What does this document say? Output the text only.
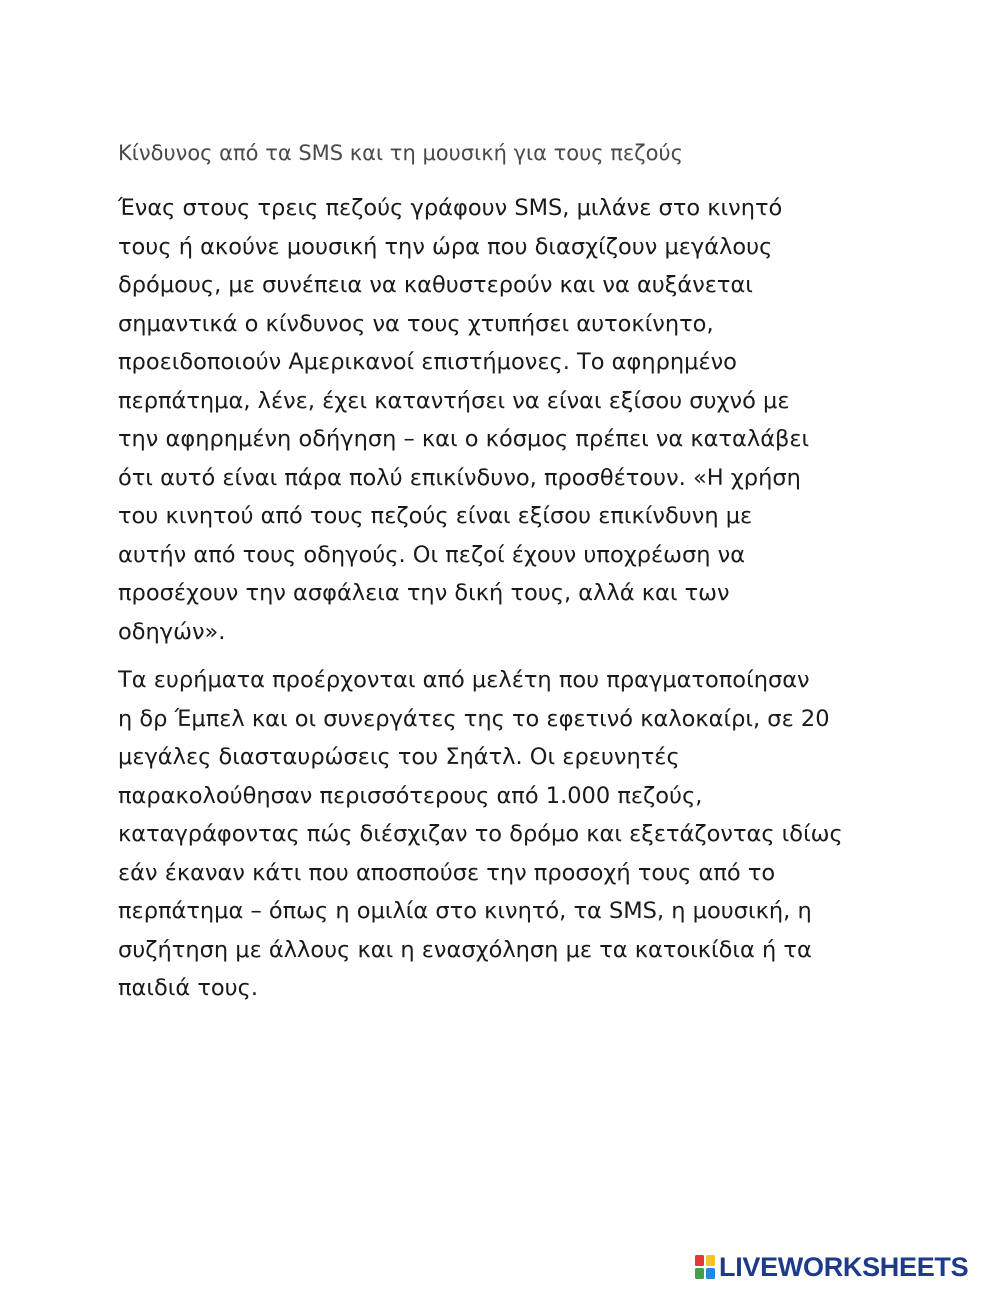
Κίνδυνος από τα SMS και τη μουσική για τους πεζούς
Ένας στους τρεις πεζούς γράφουν SMS, μιλάνε στο κινητό
τους ή ακούνε μουσική την ώρα που διασχίζουν μεγάλους
δρόμους, με συνέπεια να καθυστερούν και να αυξάνεται
σημαντικά ο κίνδυνος να τους χτυπήσει αυτοκίνητο,
προειδοποιούν Αμερικανοί επιστήμονες. Το αφηρημένο
περπάτημα, λένε, έχει καταντήσει να είναι εξίσου συχνό με
την αφηρημένη οδήγηση – και ο κόσμος πρέπει να καταλάβει
ότι αυτό είναι πάρα πολύ επικίνδυνο, προσθέτουν. «Η χρήση
του κινητού από τους πεζούς είναι εξίσου επικίνδυνη με
αυτήν από τους οδηγούς. Οι πεζοί έχουν υποχρέωση να
προσέχουν την ασφάλεια την δική τους, αλλά και των
οδηγών».
Τα ευρήματα προέρχονται από μελέτη που πραγματοποίησαν
η δρ Έμπελ και οι συνεργάτες της το εφετινό καλοκαίρι, σε 20
μεγάλες διασταυρώσεις του Σηάτλ. Οι ερευνητές
παρακολούθησαν περισσότερους από 1.000 πεζούς,
καταγράφοντας πώς διέσχιζαν το δρόμο και εξετάζοντας ιδίως
εάν έκαναν κάτι που αποσπούσε την προσοχή τους από το
περπάτημα – όπως η ομιλία στο κινητό, τα SMS, η μουσική, η
συζήτηση με άλλους και η ενασχόληση με τα κατοικίδια ή τα
παιδιά τους.
LIVEWORKSHEETS
